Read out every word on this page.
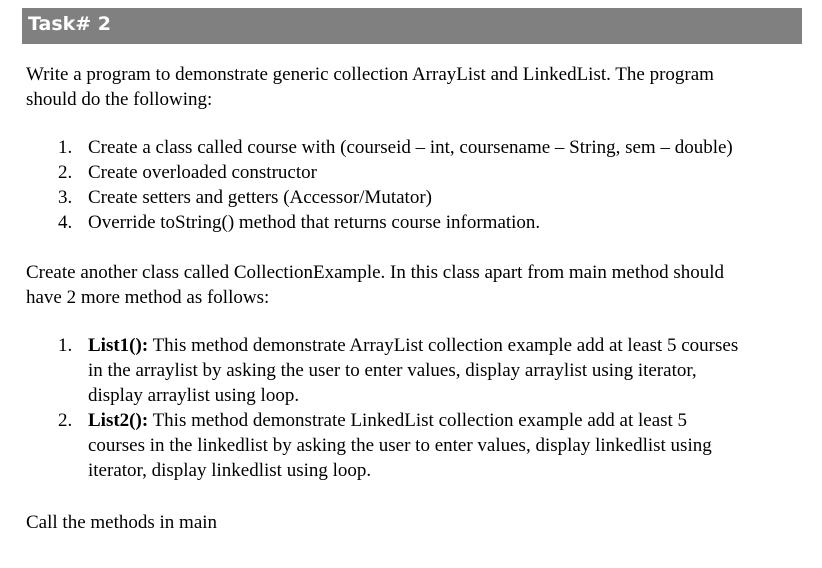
Task# 2

Write a program to demonstrate generic collection ArrayList and LinkedList. The program
should do the following:

1. Create a class called course with (courseid – int, coursename – String, sem – double)
2. Create overloaded constructor
3. Create setters and getters (Accessor/Mutator)
4. Override toString() method that returns course information.

Create another class called CollectionExample. In this class apart from main method should
have 2 more method as follows:

1. List1(): This method demonstrate ArrayList collection example add at least 5 courses
in the arraylist by asking the user to enter values, display arraylist using iterator,
display arraylist using loop.
2. List2(): This method demonstrate LinkedList collection example add at least 5
courses in the linkedlist by asking the user to enter values, display linkedlist using
iterator, display linkedlist using loop.

Call the methods in main
